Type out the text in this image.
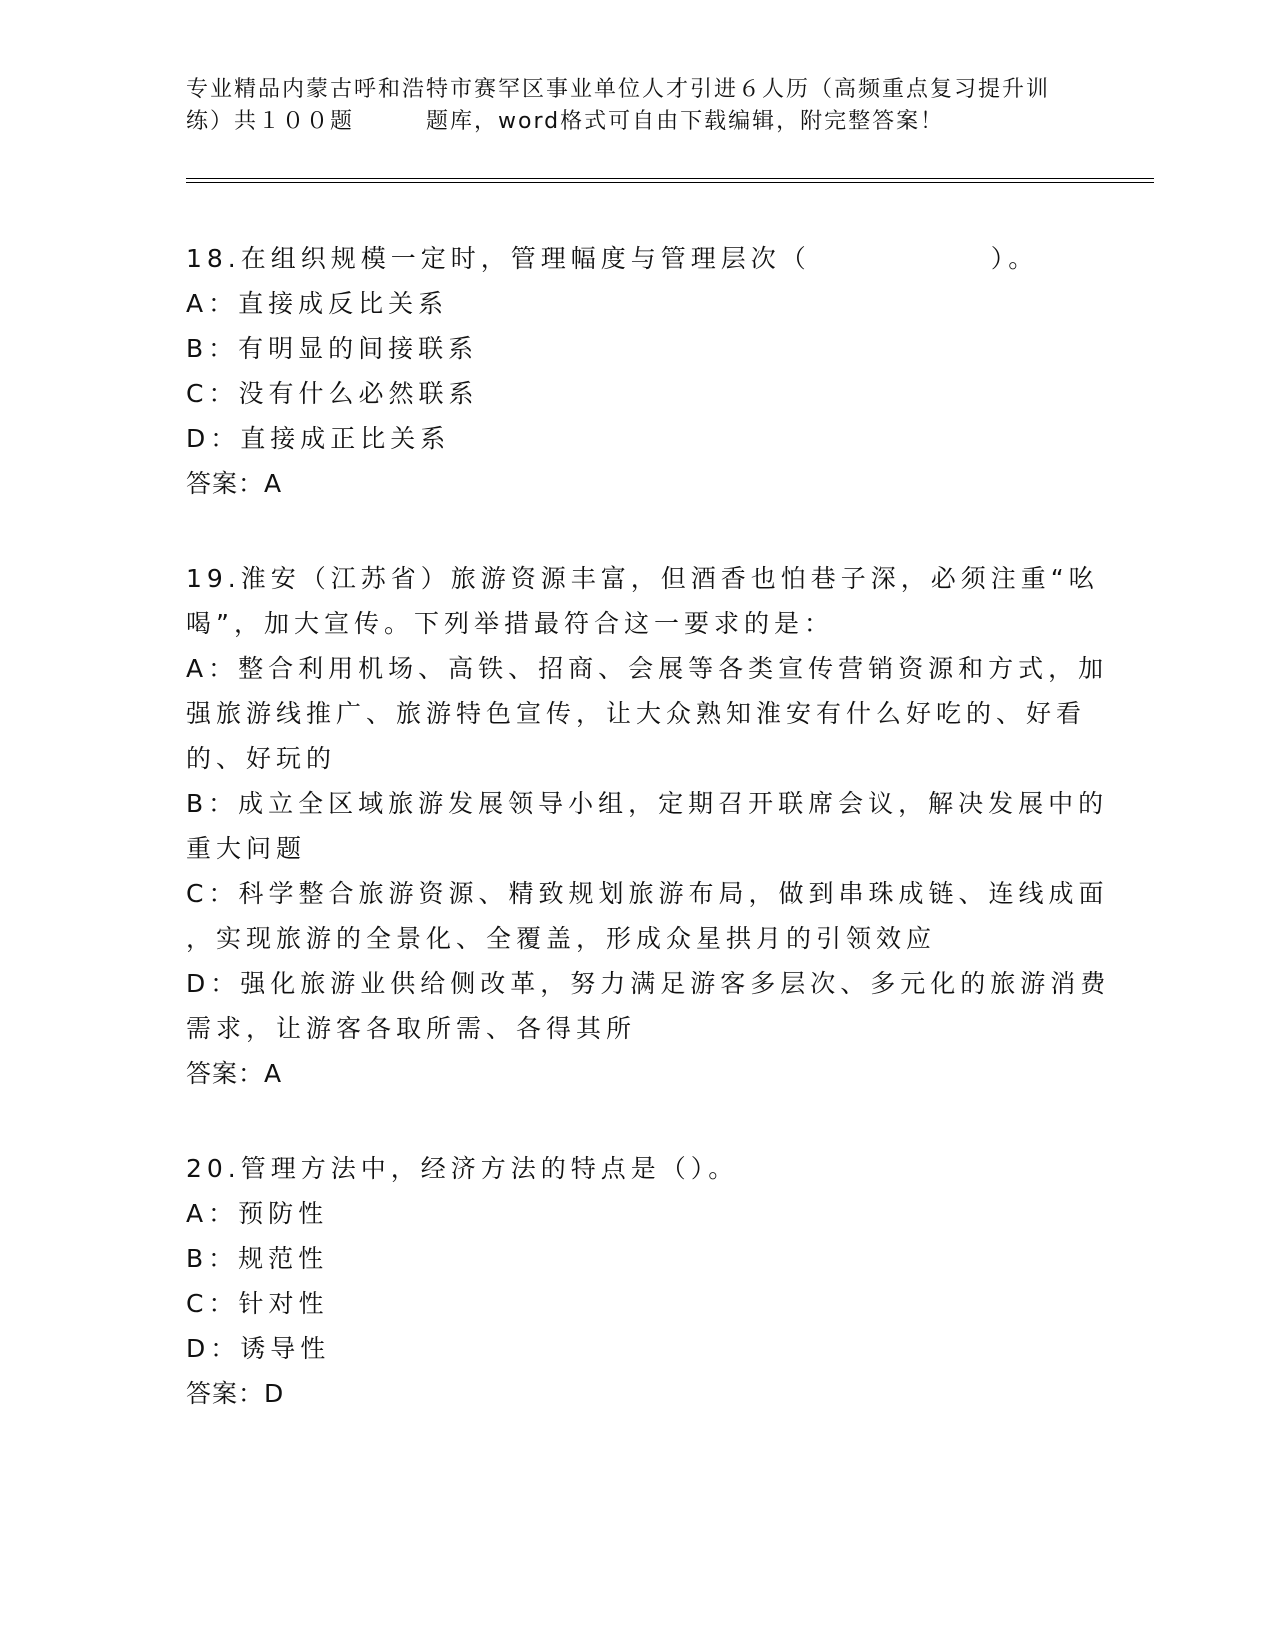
专业精品内蒙古呼和浩特市赛罕区事业单位人才引进６人历（高频重点复习提升训
练）共１００题	题库，word格式可自由下载编辑，附完整答案！
18.在组织规模一定时，管理幅度与管理层次（　　　　　　）。
A：直接成反比关系
B：有明显的间接联系
C：没有什么必然联系
D：直接成正比关系
答案：A
19.淮安（江苏省）旅游资源丰富，但酒香也怕巷子深，必须注重“吆
喝”，加大宣传。下列举措最符合这一要求的是：
A：整合利用机场、高铁、招商、会展等各类宣传营销资源和方式，加
强旅游线推广、旅游特色宣传，让大众熟知淮安有什么好吃的、好看
的、好玩的
B：成立全区域旅游发展领导小组，定期召开联席会议，解决发展中的
重大问题
C：科学整合旅游资源、精致规划旅游布局，做到串珠成链、连线成面
，实现旅游的全景化、全覆盖，形成众星拱月的引领效应
D：强化旅游业供给侧改革，努力满足游客多层次、多元化的旅游消费
需求，让游客各取所需、各得其所
答案：A
20.管理方法中，经济方法的特点是（）。
A：预防性
B：规范性
C：针对性
D：诱导性
答案：D
